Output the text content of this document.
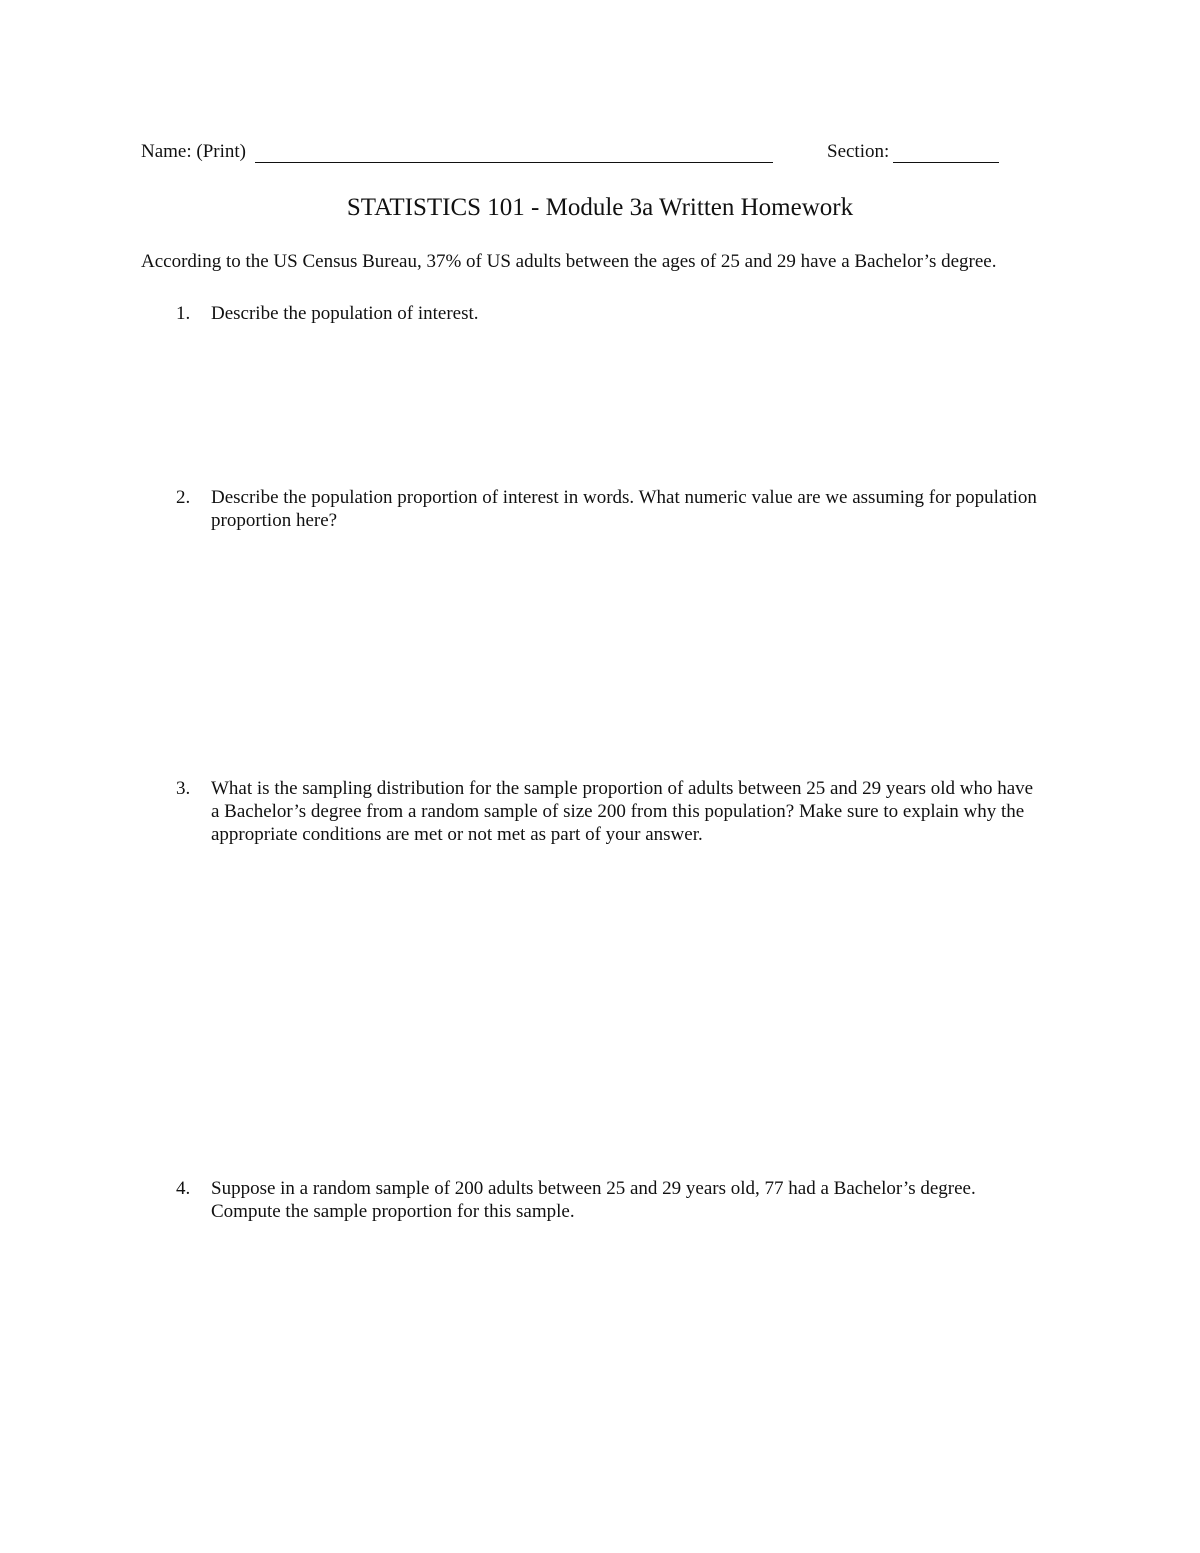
Name: (Print)	Section:
STATISTICS 101 - Module 3a Written Homework
According to the US Census Bureau, 37% of US adults between the ages of 25 and 29 have a Bachelor’s degree.
1.	Describe the population of interest.
2.	Describe the population proportion of interest in words. What numeric value are we assuming for population proportion here?
3.	What is the sampling distribution for the sample proportion of adults between 25 and 29 years old who have a Bachelor’s degree from a random sample of size 200 from this population? Make sure to explain why the appropriate conditions are met or not met as part of your answer.
4.	Suppose in a random sample of 200 adults between 25 and 29 years old, 77 had a Bachelor’s degree. Compute the sample proportion for this sample.
